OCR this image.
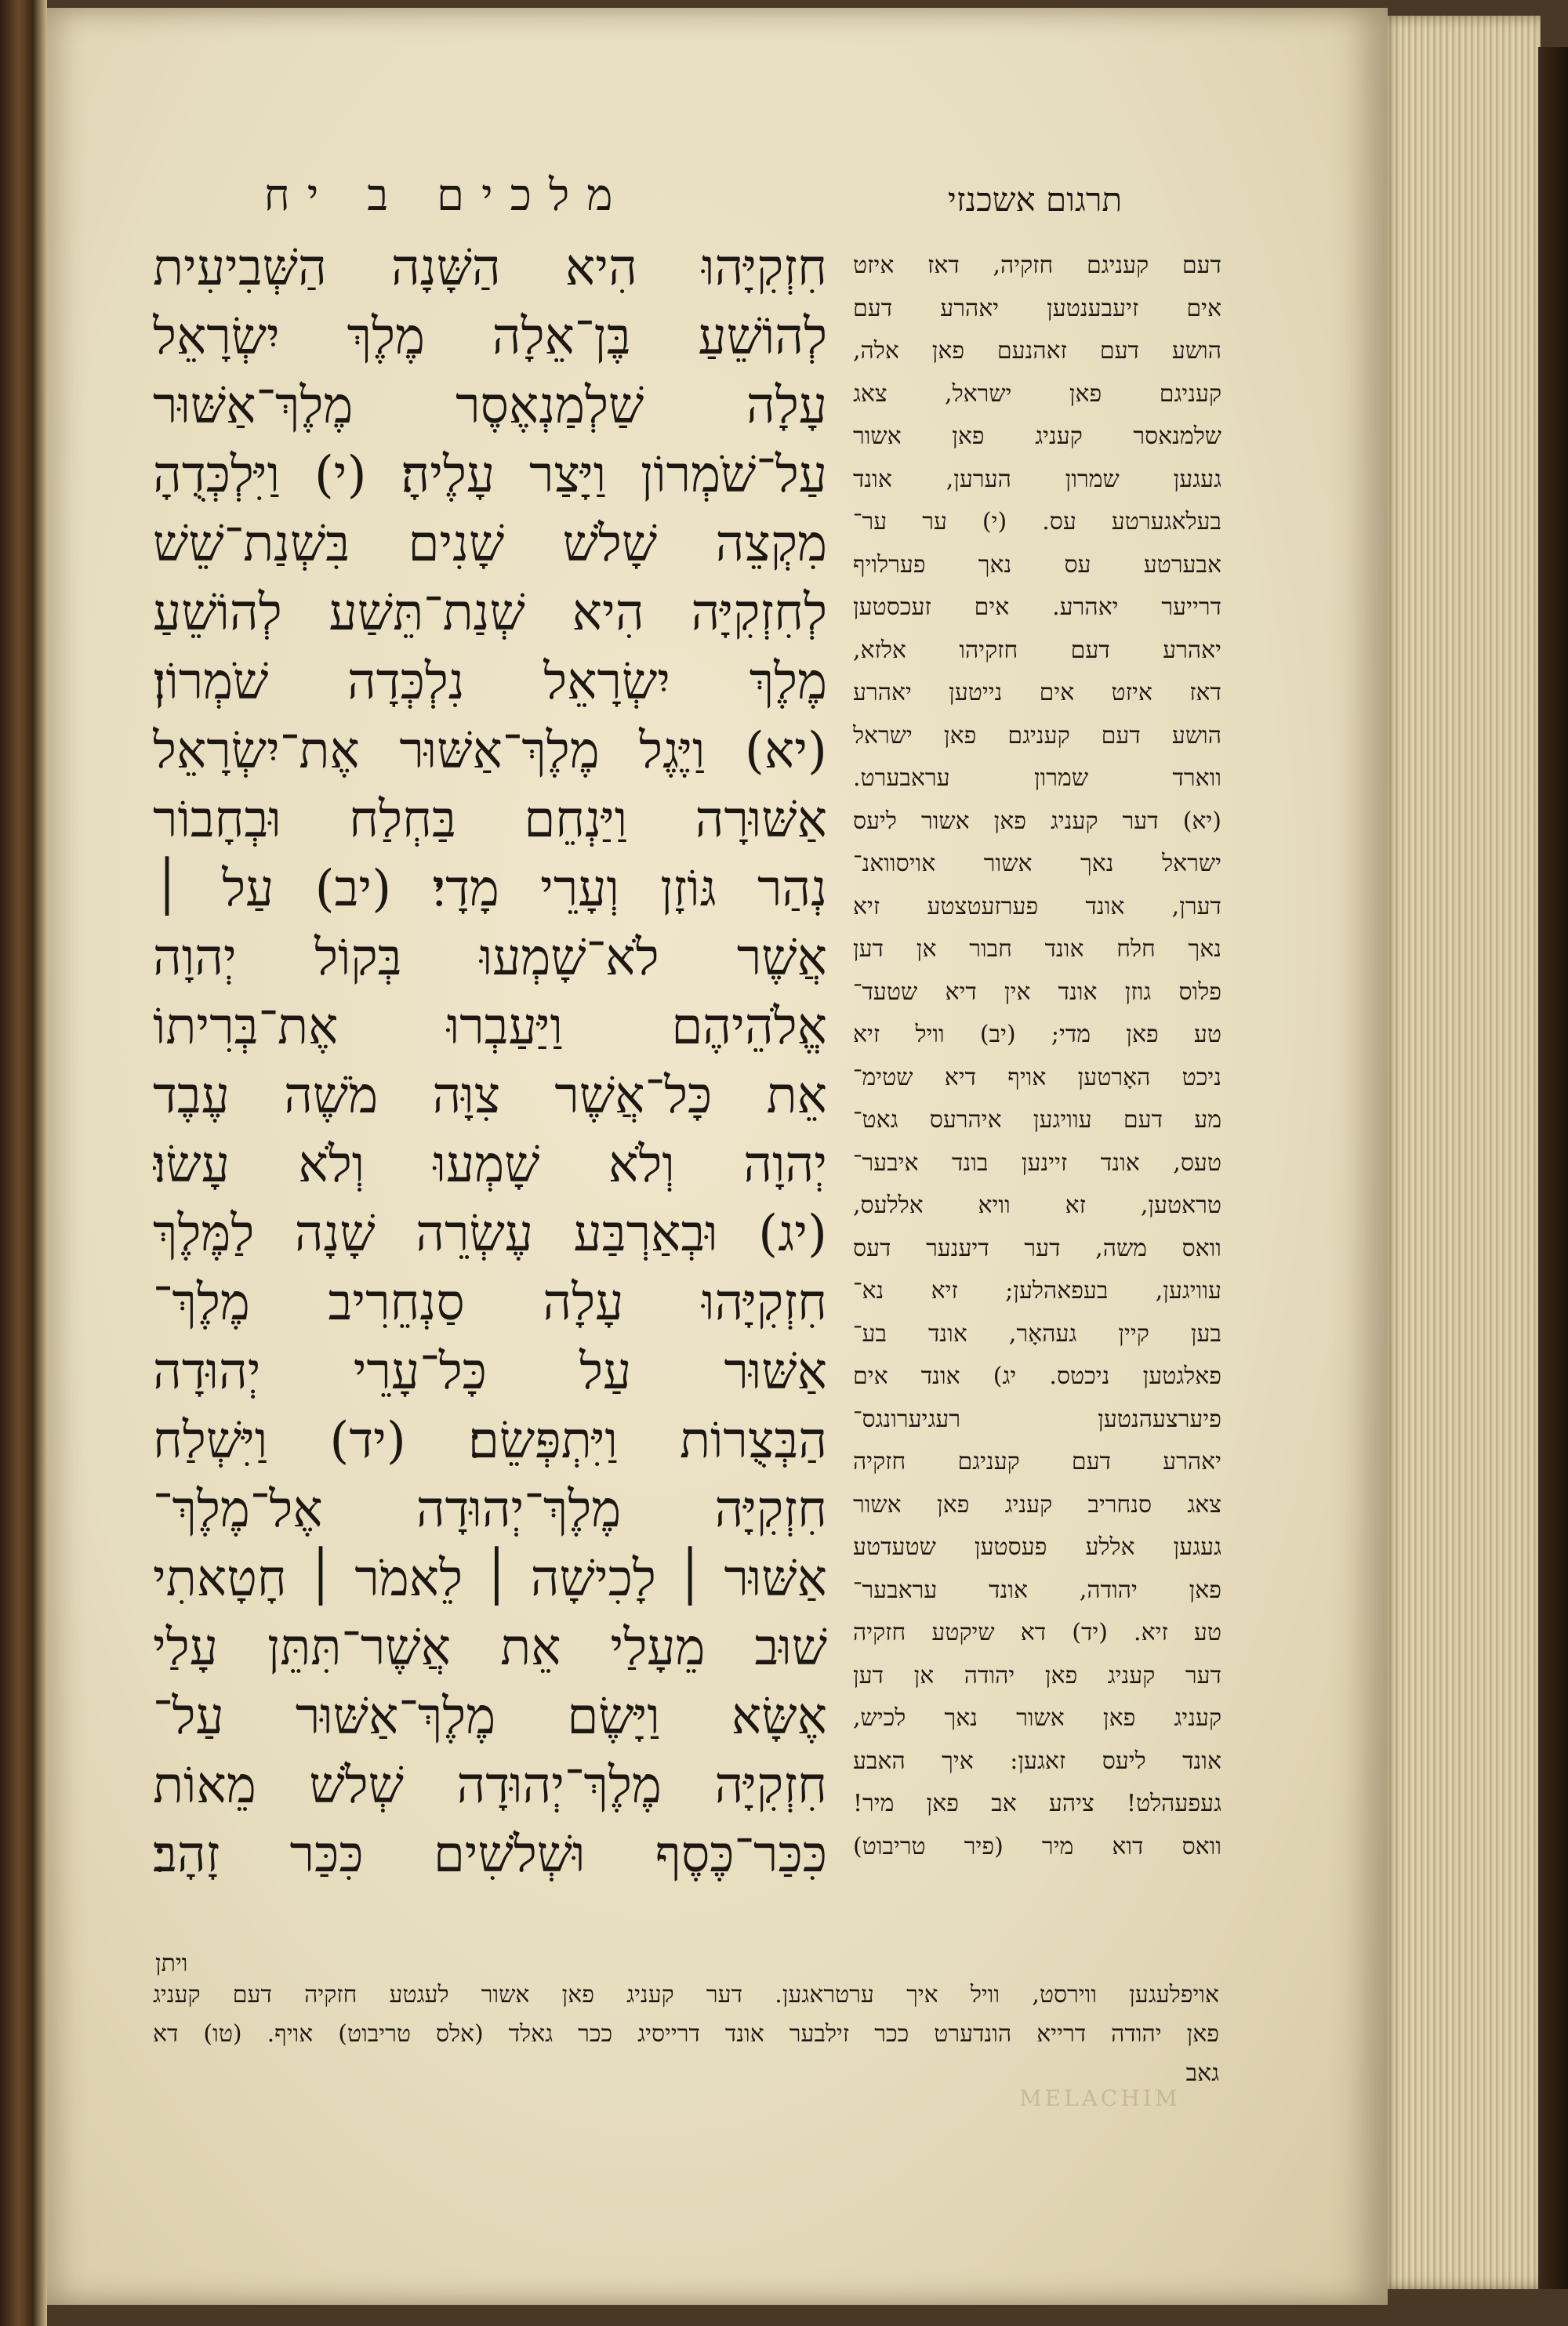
מלכים ב יח	תרגום אשכנזי
חִזְקִיָּהוּ הִיא הַשָּׁנָה הַשְּׁבִיעִית
לְהוֹשֵׁעַ בֶּן־אֵלָה מֶלֶךְ יִשְׂרָאֵל
עָלָה שַׁלְמַנְאֶסֶר מֶלֶךְ־אַשּׁוּר
עַל־שֹׁמְרוֹן וַיָּצַר עָלֶיהָ׃ (י) וַיִּלְכְּדֻהָ
מִקְצֵה שָׁלֹשׁ שָׁנִים בִּשְׁנַת־שֵׁשׁ
לְחִזְקִיָּה הִיא שְׁנַת־תֵּשַׁע לְהוֹשֵׁעַ
מֶלֶךְ יִשְׂרָאֵל נִלְכְּדָה שֹׁמְרוֹן׃
(יא) וַיֶּגֶל מֶלֶךְ־אַשּׁוּר אֶת־יִשְׂרָאֵל
אַשּׁוּרָה וַיַּנְחֵם בַּחְלַח וּבְחָבוֹר
נְהַר גּוֹזָן וְעָרֵי מָדָי׃ (יב) עַל ׀
אֲשֶׁר לֹא־שָׁמְעוּ בְּקוֹל יְהוָה
אֱלֹהֵיהֶם וַיַּעַבְרוּ אֶת־בְּרִיתוֹ
אֵת כָּל־אֲשֶׁר צִוָּה מֹשֶׁה עֶבֶד
יְהוָה וְלֹא שָׁמְעוּ וְלֹא עָשׂוּ׃
(יג) וּבְאַרְבַּע עֶשְׂרֵה שָׁנָה לַמֶּלֶךְ
חִזְקִיָּהוּ עָלָה סַנְחֵרִיב מֶלֶךְ־
אַשּׁוּר עַל כָּל־עָרֵי יְהוּדָה
הַבְּצֻרוֹת וַיִּתְפְּשֵׂם׃ (יד) וַיִּשְׁלַח
חִזְקִיָּה מֶלֶךְ־יְהוּדָה אֶל־מֶלֶךְ־
אַשּׁוּר ׀ לָכִישָׁה ׀ לֵאמֹר ׀ חָטָאתִי
שׁוּב מֵעָלַי אֵת אֲשֶׁר־תִּתֵּן עָלַי
אֶשָּׂא וַיָּשֶׂם מֶלֶךְ־אַשּׁוּר עַל־
חִזְקִיָּה מֶלֶךְ־יְהוּדָה שְׁלֹשׁ מֵאוֹת
כִּכַּר־כֶּסֶף וּשְׁלֹשִׁים כִּכַּר זָהָב׃
דעם קעניגם חזקיה, דאז איזט
אים זיעבענטען יאהרע דעם
הושע דעם זאהנעם פאן אלה,
קעניגם פאן ישראל, צאג
שלמנאסר קעניג פאן אשור
געגען שמרון הערען, אונד
בעלאגערטע עס. (י) ער ער־
אבערטע עס נאך פערלויף
דרייער יאהרע. אים זעכסטען
יאהרע דעם חזקיהו אלזא,
דאז איזט אים נייטען יאהרע
הושע דעם קעניגם פאן ישראל
ווארד שמרון עראבערט.
(יא) דער קעניג פאן אשור ליעס
ישראל נאך אשור אויסוואנ־
דערן, אונד פערזעטצטע זיא
נאך חלח אונד חבור אן דען
פלוס גוזן אונד אין דיא שטעד־
טע פאן מדי; (יב) וויל זיא
ניכט האָרטען אויף דיא שטימ־
מע דעם עוויגען איהרעס גאט־
טעס, אונד זיינען בונד איבער־
טראטען, זא וויא אללעס,
וואס משה, דער דיענער דעס
עוויגען, בעפאהלען; זיא נא־
בען קיין געהאָר, אונד בע־
פאלגטען ניכטס. יג) אונד אים
פיערצעהנטען רעגיערונגס־
יאהרע דעם קעניגם חזקיה
צאג סנחריב קעניג פאן אשור
געגען אללע פעסטען שטעדטע
פאן יהודה, אונד עראבער־
טע זיא. (יד) דא שיקטע חזקיה
דער קעניג פאן יהודה אן דען
קעניג פאן אשור נאך לכיש,
אונד ליעס זאגען: איך האבע
געפעהלט! ציהע אב פאן מיר!
וואס דוא מיר (פיר טריבוט)
ויתן
אויפלעגען ווירסט, וויל איך ערטראגען. דער קעניג פאן אשור לעגטע חזקיה דעם קעניג
פאן יהודה דרייא הונדערט ככר זילבער אונד דרייסיג ככר גאלד (אלס טריבוט) אויף. (טו) דא
גאב
MELACHIM
